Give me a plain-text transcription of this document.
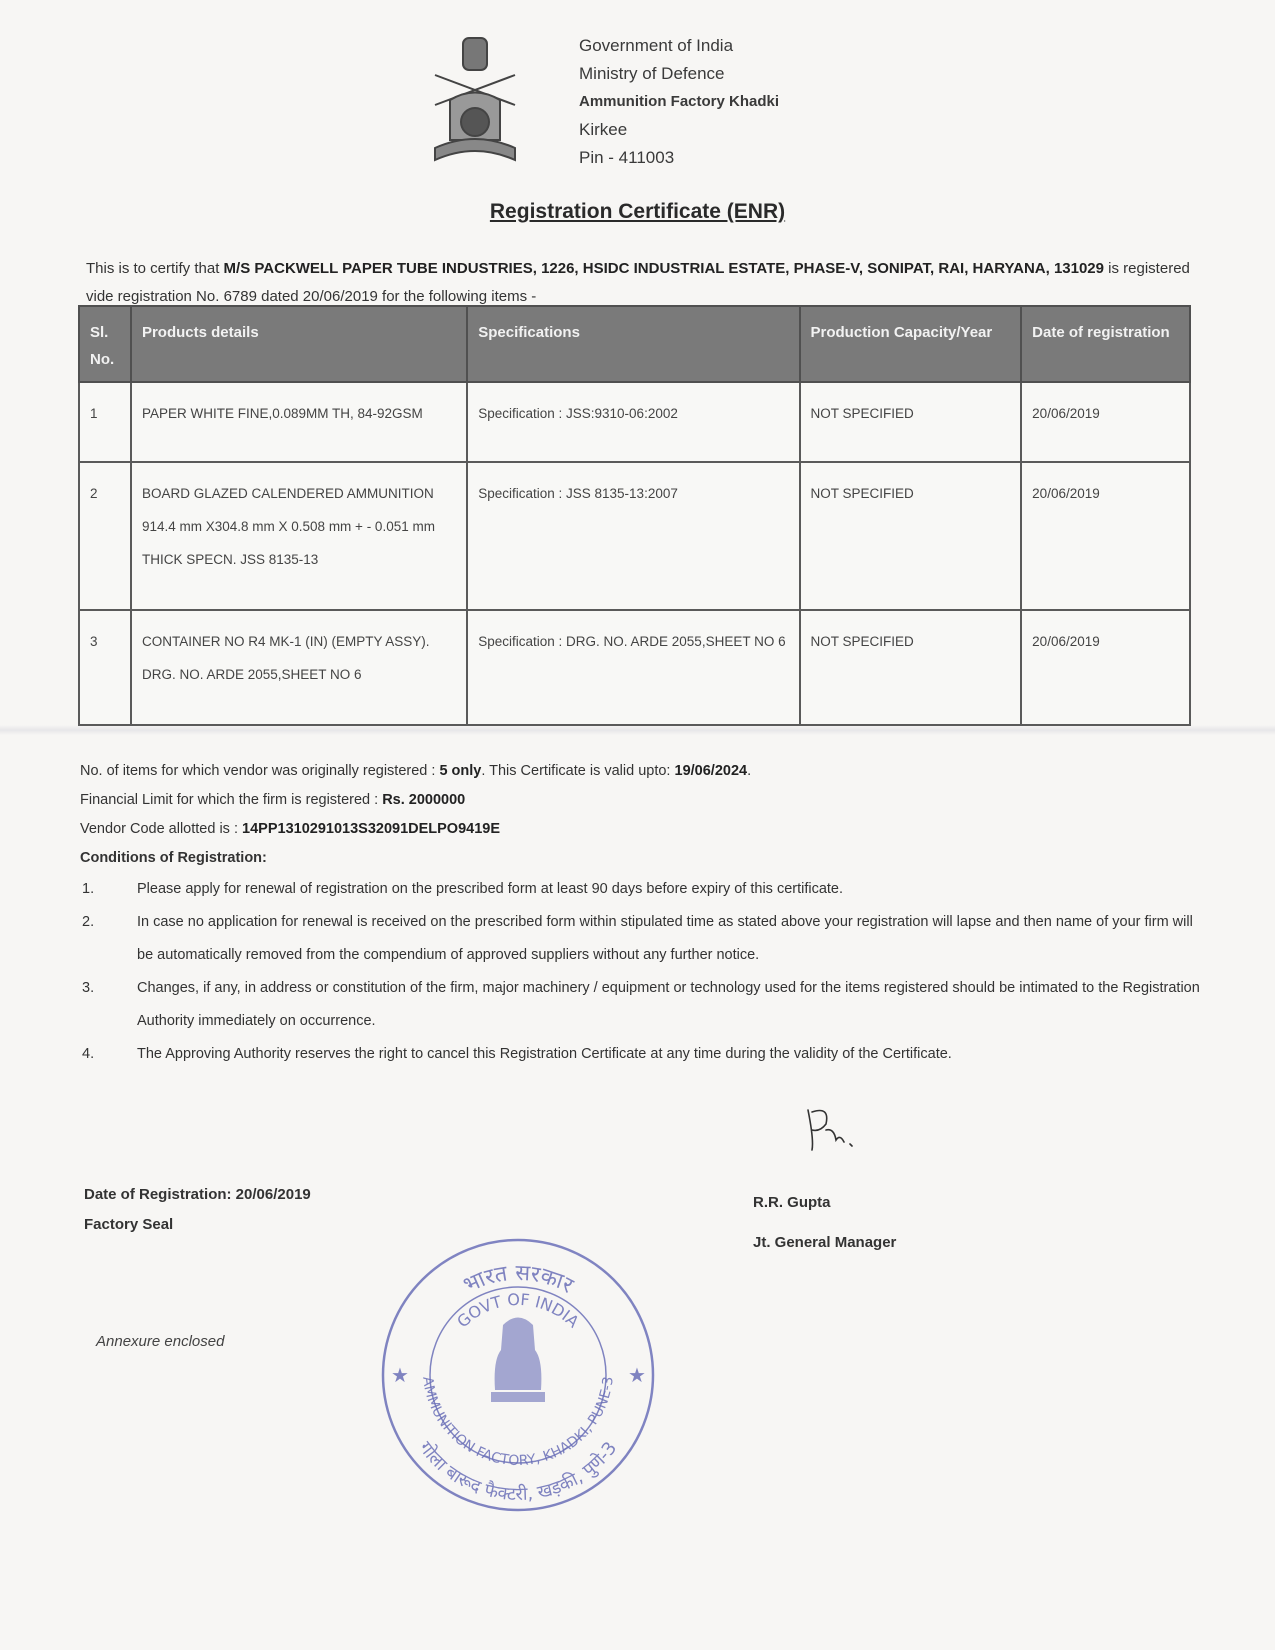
Government of India
Ministry of Defence
Ammunition Factory Khadki
Kirkee
Pin - 411003
Registration Certificate (ENR)
This is to certify that M/S PACKWELL PAPER TUBE INDUSTRIES, 1226, HSIDC INDUSTRIAL ESTATE, PHASE-V, SONIPAT, RAI, HARYANA, 131029 is registered vide registration No. 6789 dated 20/06/2019 for the following items -
Sl. No.	Products details	Specifications	Production Capacity/Year	Date of registration
1	PAPER WHITE FINE,0.089MM TH, 84-92GSM	Specification : JSS:9310-06:2002	NOT SPECIFIED	20/06/2019
2	BOARD GLAZED CALENDERED AMMUNITION 914.4 mm X304.8 mm X 0.508 mm + - 0.051 mm THICK SPECN. JSS 8135-13	Specification : JSS 8135-13:2007	NOT SPECIFIED	20/06/2019
3	CONTAINER NO R4 MK-1 (IN) (EMPTY ASSY). DRG. NO. ARDE 2055,SHEET NO 6	Specification : DRG. NO. ARDE 2055,SHEET NO 6	NOT SPECIFIED	20/06/2019
No. of items for which vendor was originally registered : 5 only. This Certificate is valid upto: 19/06/2024.
Financial Limit for which the firm is registered : Rs. 2000000
Vendor Code allotted is : 14PP1310291013S32091DELPO9419E
Conditions of Registration:
1.	Please apply for renewal of registration on the prescribed form at least 90 days before expiry of this certificate.
2.	In case no application for renewal is received on the prescribed form within stipulated time as stated above your registration will lapse and then name of your firm will be automatically removed from the compendium of approved suppliers without any further notice.
3.	Changes, if any, in address or constitution of the firm, major machinery / equipment or technology used for the items registered should be intimated to the Registration Authority immediately on occurrence.
4.	The Approving Authority reserves the right to cancel this Registration Certificate at any time during the validity of the Certificate.
Date of Registration: 20/06/2019
Factory Seal
R.R. Gupta
Jt. General Manager
Annexure enclosed
भारत सरकार
GOVT OF INDIA
AMMUNITION FACTORY, KHADKI, PUNE-3
गोला बारूद फैक्टरी, खड़की, पुणे-3
★	★
